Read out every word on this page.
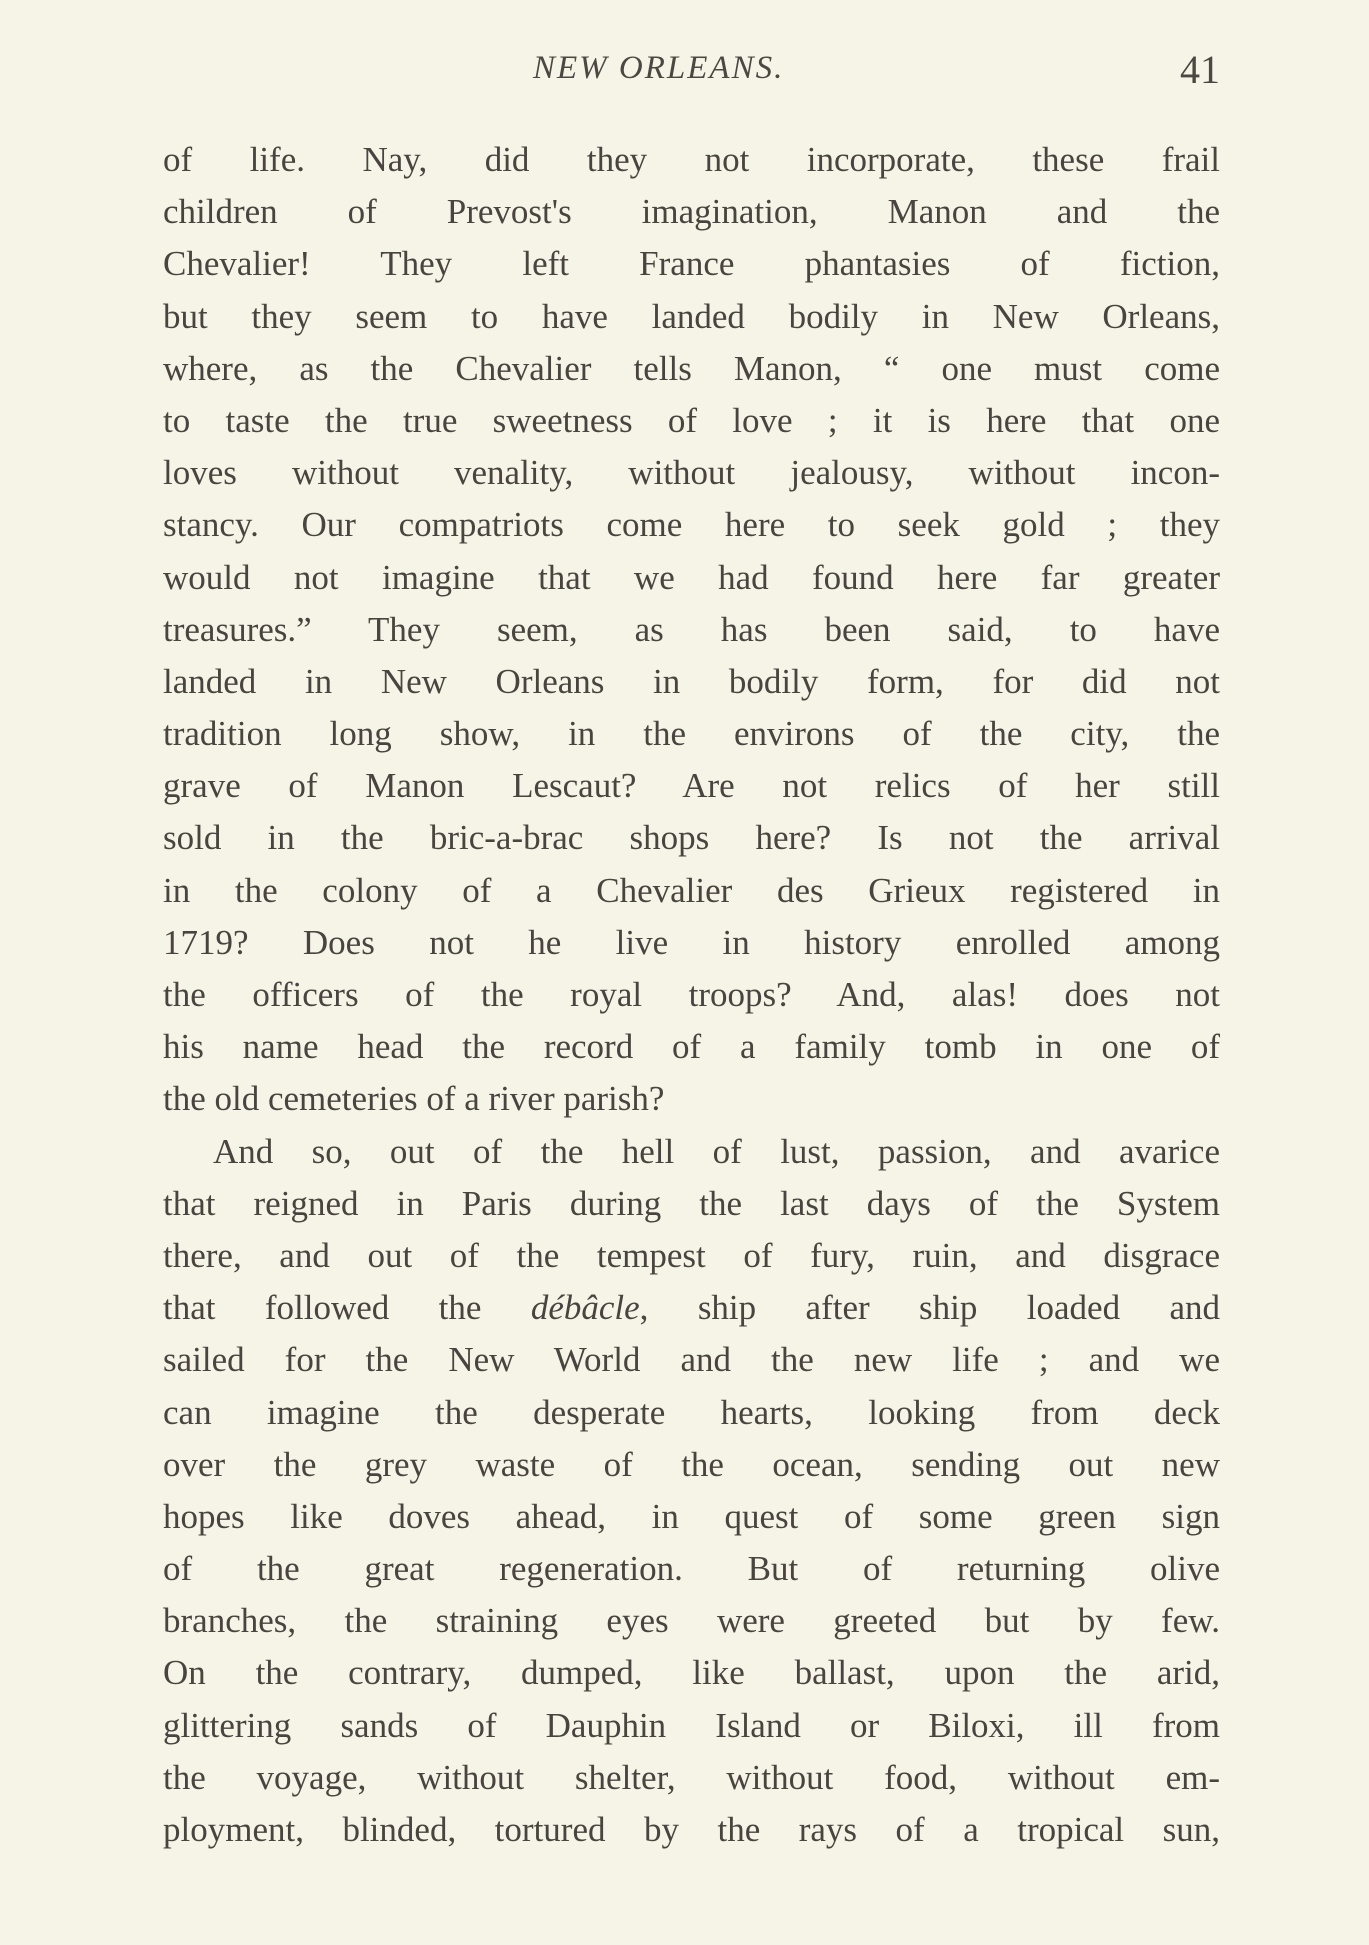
NEW ORLEANS.	41
of life. Nay, did they not incorporate, these frail
children of Prevost's imagination, Manon and the
Chevalier! They left France phantasies of fiction,
but they seem to have landed bodily in New Orleans,
where, as the Chevalier tells Manon, “ one must come
to taste the true sweetness of love ; it is here that one
loves without venality, without jealousy, without incon-
stancy. Our compatriots come here to seek gold ; they
would not imagine that we had found here far greater
treasures.” They seem, as has been said, to have
landed in New Orleans in bodily form, for did not
tradition long show, in the environs of the city, the
grave of Manon Lescaut? Are not relics of her still
sold in the bric-a-brac shops here? Is not the arrival
in the colony of a Chevalier des Grieux registered in
1719? Does not he live in history enrolled among
the officers of the royal troops? And, alas! does not
his name head the record of a family tomb in one of
the old cemeteries of a river parish?
And so, out of the hell of lust, passion, and avarice
that reigned in Paris during the last days of the System
there, and out of the tempest of fury, ruin, and disgrace
that followed the débâcle, ship after ship loaded and
sailed for the New World and the new life ; and we
can imagine the desperate hearts, looking from deck
over the grey waste of the ocean, sending out new
hopes like doves ahead, in quest of some green sign
of the great regeneration. But of returning olive
branches, the straining eyes were greeted but by few.
On the contrary, dumped, like ballast, upon the arid,
glittering sands of Dauphin Island or Biloxi, ill from
the voyage, without shelter, without food, without em-
ployment, blinded, tortured by the rays of a tropical sun,
